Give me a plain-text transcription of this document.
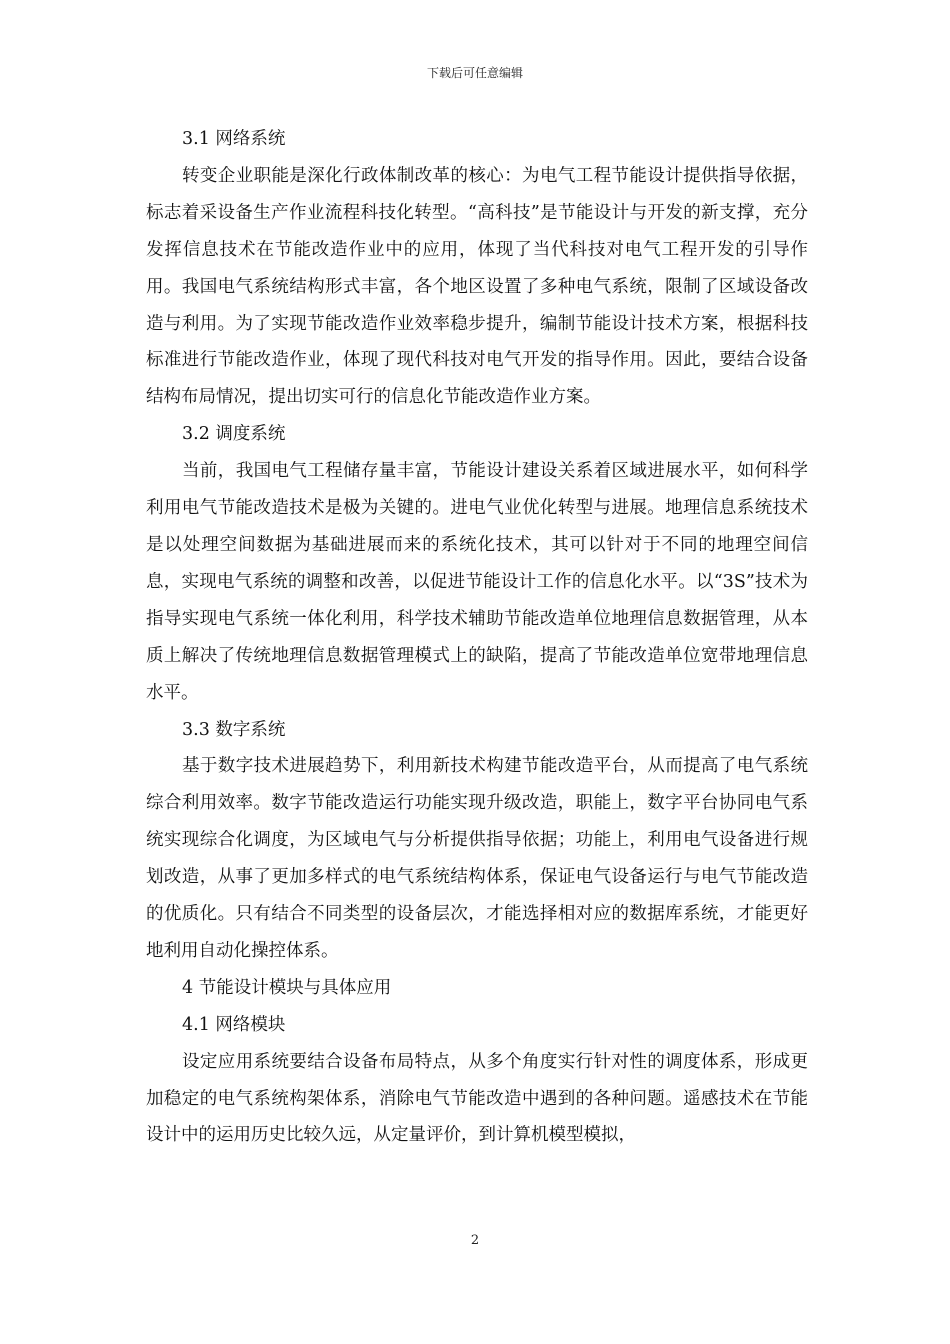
下载后可任意编辑
3.1 网络系统

转变企业职能是深化行政体制改革的核心：为电气工程节能设计提供指导依据，标志着采设备生产作业流程科技化转型。“高科技”是节能设计与开发的新支撑，充分发挥信息技术在节能改造作业中的应用，体现了当代科技对电气工程开发的引导作用。我国电气系统结构形式丰富，各个地区设置了多种电气系统，限制了区域设备改造与利用。为了实现节能改造作业效率稳步提升，编制节能设计技术方案，根据科技标准进行节能改造作业，体现了现代科技对电气开发的指导作用。因此，要结合设备结构布局情况，提出切实可行的信息化节能改造作业方案。

3.2 调度系统

当前，我国电气工程储存量丰富，节能设计建设关系着区域进展水平，如何科学利用电气节能改造技术是极为关键的。进电气业优化转型与进展。地理信息系统技术是以处理空间数据为基础进展而来的系统化技术，其可以针对于不同的地理空间信息，实现电气系统的调整和改善，以促进节能设计工作的信息化水平。以“3S”技术为指导实现电气系统一体化利用，科学技术辅助节能改造单位地理信息数据管理，从本质上解决了传统地理信息数据管理模式上的缺陷，提高了节能改造单位宽带地理信息水平。

3.3 数字系统

基于数字技术进展趋势下，利用新技术构建节能改造平台，从而提高了电气系统综合利用效率。数字节能改造运行功能实现升级改造，职能上，数字平台协同电气系统实现综合化调度，为区域电气与分析提供指导依据；功能上，利用电气设备进行规划改造，从事了更加多样式的电气系统结构体系，保证电气设备运行与电气节能改造的优质化。只有结合不同类型的设备层次，才能选择相对应的数据库系统，才能更好地利用自动化操控体系。

4 节能设计模块与具体应用
4.1 网络模块

设定应用系统要结合设备布局特点，从多个角度实行针对性的调度体系，形成更加稳定的电气系统构架体系，消除电气节能改造中遇到的各种问题。遥感技术在节能设计中的运用历史比较久远，从定量评价，到计算机模型模拟，

2
